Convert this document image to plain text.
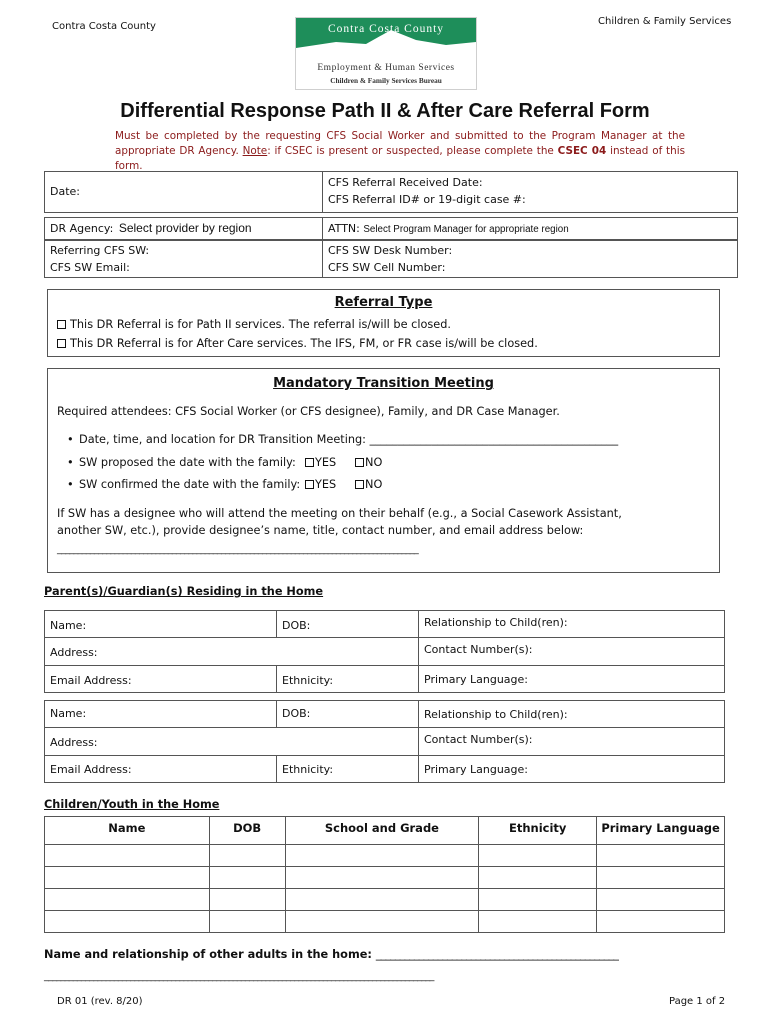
Contra Costa County	Children & Family Services
Contra Costa County
Employment & Human Services
Children & Family Services Bureau
Differential Response Path II & After Care Referral Form
Must be completed by the requesting CFS Social Worker and submitted to the Program Manager at the appropriate DR Agency. Note: if CSEC is present or suspected, please complete the CSEC 04 instead of this form.
Date:
CFS Referral Received Date:
CFS Referral ID# or 19-digit case #:
DR Agency: Select provider by region	ATTN: Select Program Manager for appropriate region
Referring CFS SW:
CFS SW Email:
CFS SW Desk Number:
CFS SW Cell Number:
Referral Type
This DR Referral is for Path II services. The referral is/will be closed.
This DR Referral is for After Care services. The IFS, FM, or FR case is/will be closed.
Mandatory Transition Meeting
Required attendees: CFS Social Worker (or CFS designee), Family, and DR Case Manager.
• Date, time, and location for DR Transition Meeting: ____________________________________________
• SW proposed the date with the family:	YES	NO
• SW confirmed the date with the family:	YES	NO
If SW has a designee who will attend the meeting on their behalf (e.g., a Social Casework Assistant,
another SW, etc.), provide designee’s name, title, contact number, and email address below:
________________________________________________________________________________________
Parent(s)/Guardian(s) Residing in the Home
Name:	DOB:	Relationship to Child(ren):
Address:	Contact Number(s):
Email Address:	Ethnicity:	Primary Language:
Name:	DOB:	Relationship to Child(ren):
Address:	Contact Number(s):
Email Address:	Ethnicity:	Primary Language:
Children/Youth in the Home
Name	DOB	School and Grade	Ethnicity	Primary Language

Name and relationship of other adults in the home: ___________________________________________________
_______________________________________________________________________________________________
DR 01 (rev. 8/20)	Page 1 of 2
